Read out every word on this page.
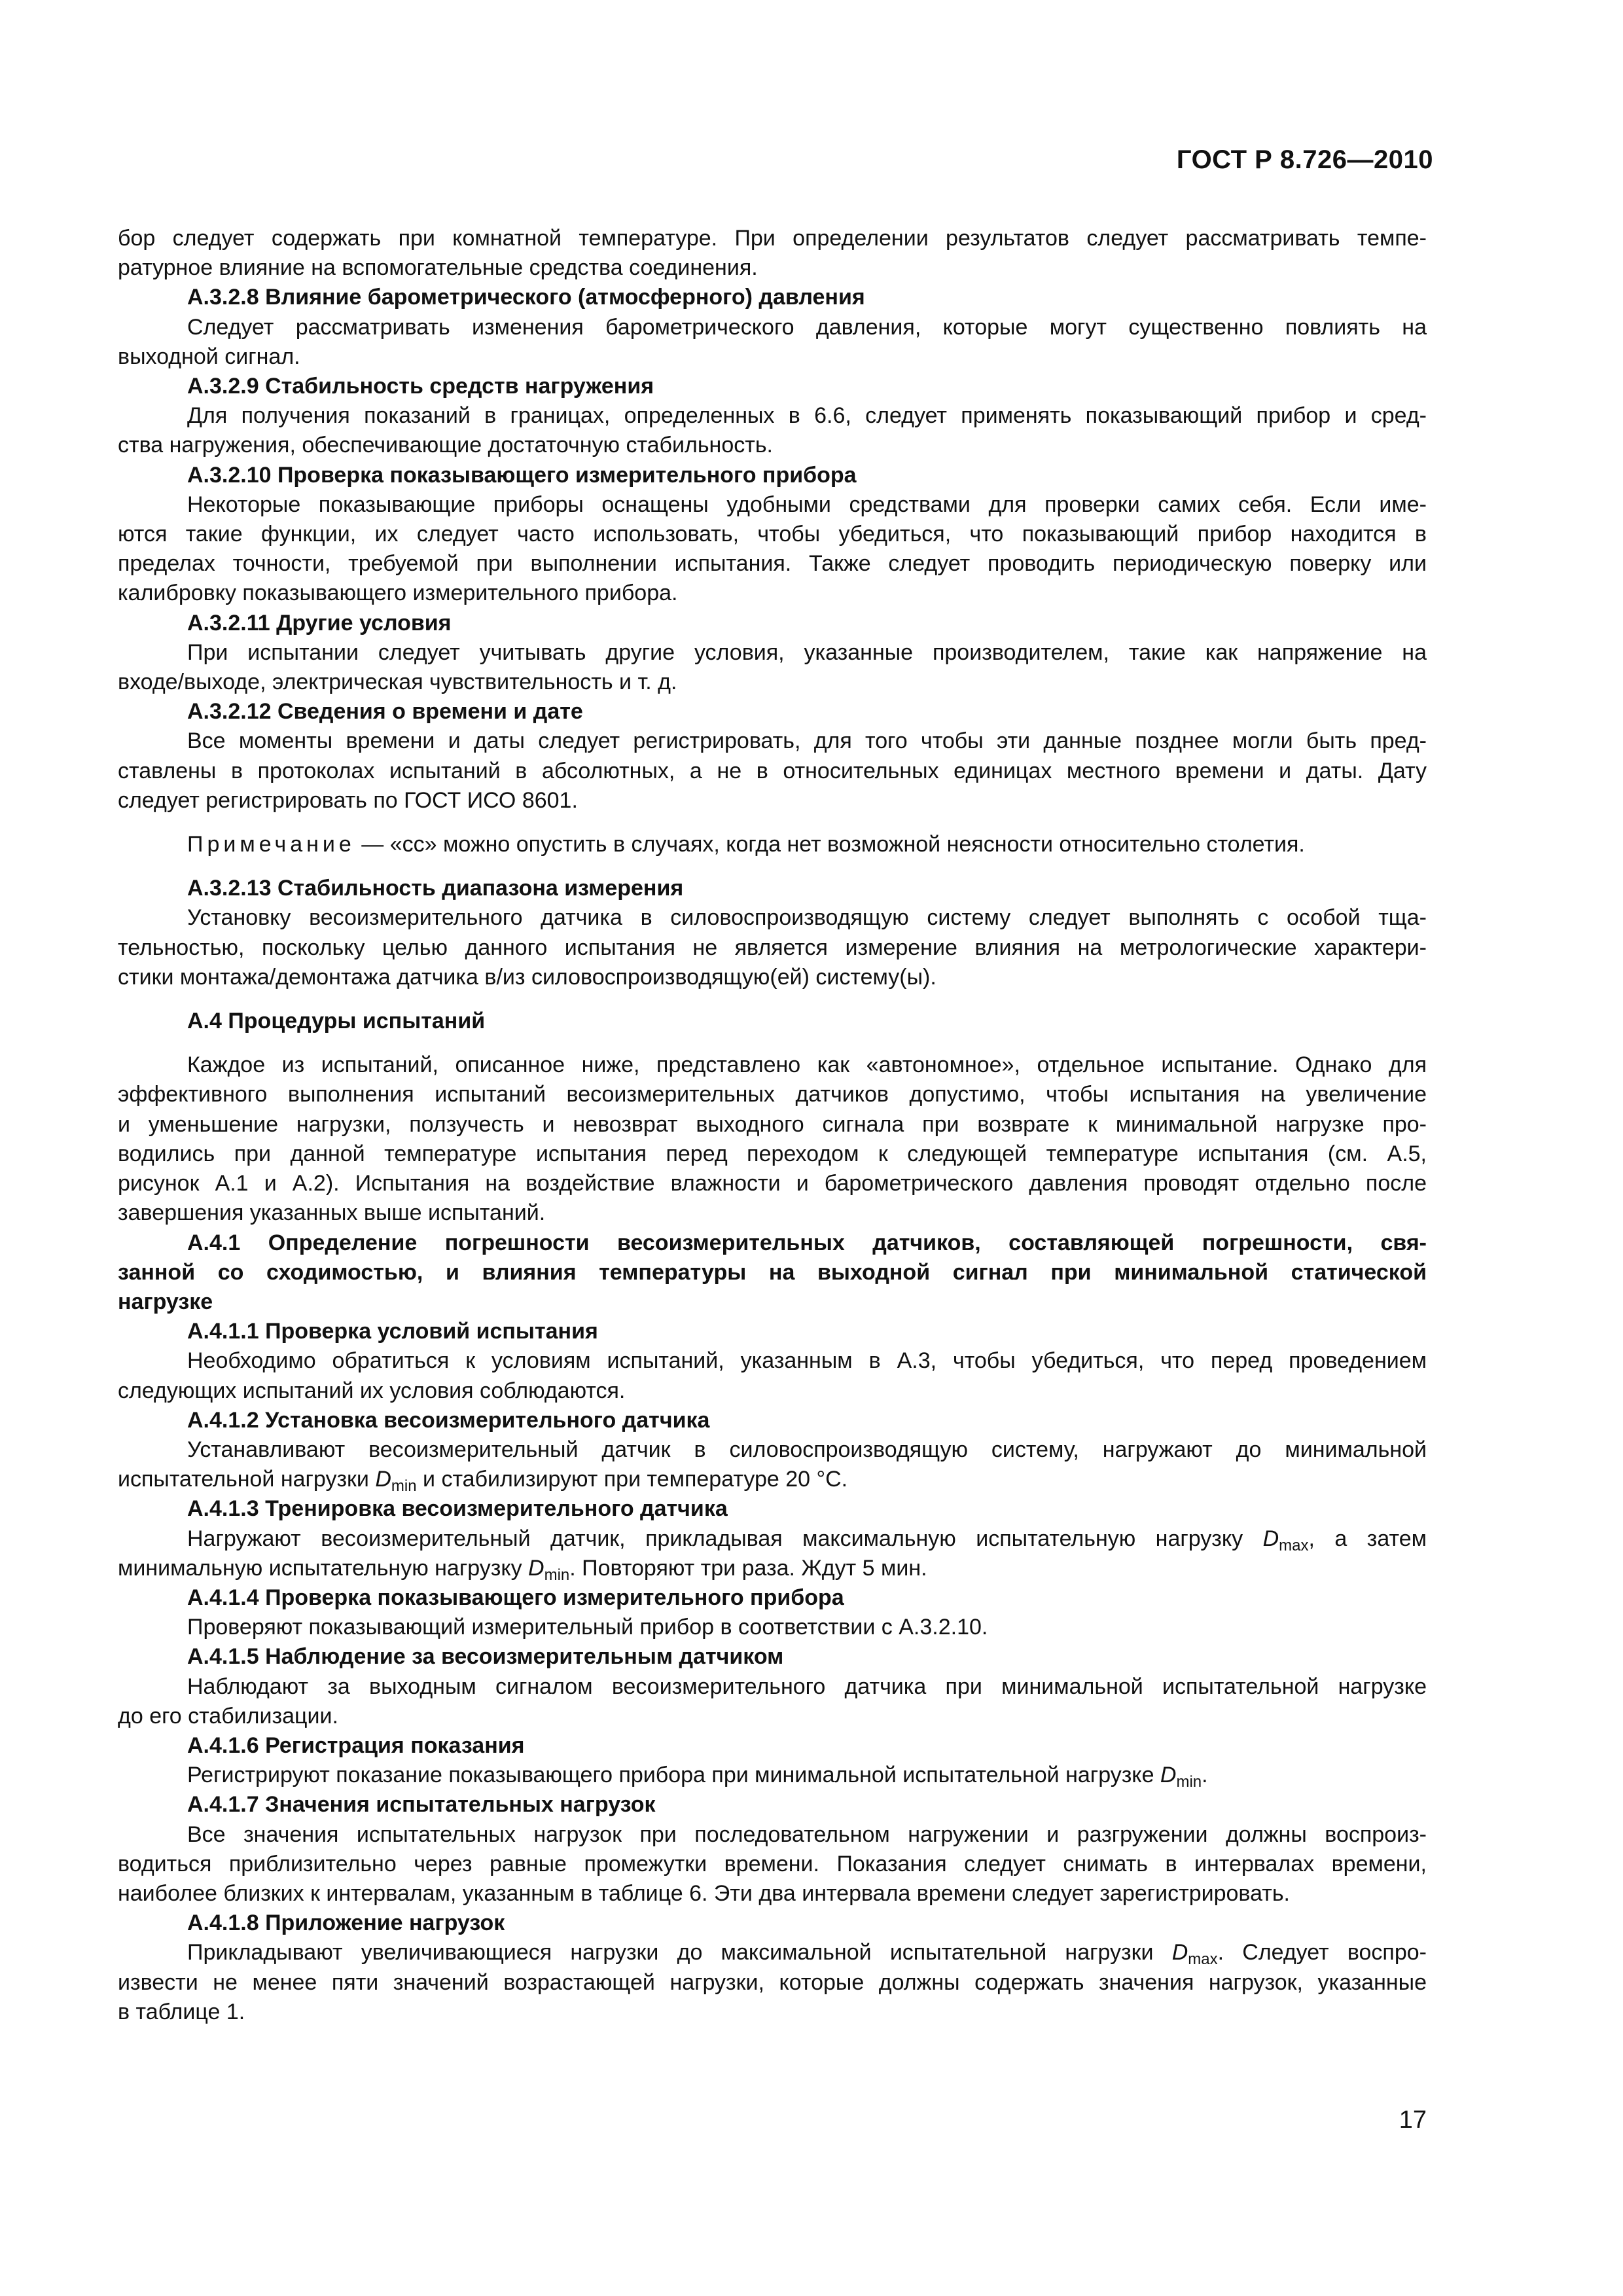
ГОСТ Р 8.726—2010
бор следует содержать при комнатной температуре. При определении результатов следует рассматривать темпе-
ратурное влияние на вспомогательные средства соединения.
А.3.2.8 Влияние барометрического (атмосферного) давления
Следует рассматривать изменения барометрического давления, которые могут существенно повлиять на
выходной сигнал.
А.3.2.9 Стабильность средств нагружения
Для получения показаний в границах, определенных в 6.6, следует применять показывающий прибор и сред-
ства нагружения, обеспечивающие достаточную стабильность.
А.3.2.10 Проверка показывающего измерительного прибора
Некоторые показывающие приборы оснащены удобными средствами для проверки самих себя. Если име-
ются такие функции, их следует часто использовать, чтобы убедиться, что показывающий прибор находится в
пределах точности, требуемой при выполнении испытания. Также следует проводить периодическую поверку или
калибровку показывающего измерительного прибора.
А.3.2.11 Другие условия
При испытании следует учитывать другие условия, указанные производителем, такие как напряжение на
входе/выходе, электрическая чувствительность и т. д.
А.3.2.12 Сведения о времени и дате
Все моменты времени и даты следует регистрировать, для того чтобы эти данные позднее могли быть пред-
ставлены в протоколах испытаний в абсолютных, а не в относительных единицах местного времени и даты. Дату
следует регистрировать по ГОСТ ИСО 8601.
Примечание — «сс» можно опустить в случаях, когда нет возможной неясности относительно столетия.
А.3.2.13 Стабильность диапазона измерения
Установку весоизмерительного датчика в силовоспроизводящую систему следует выполнять с особой тща-
тельностью, поскольку целью данного испытания не является измерение влияния на метрологические характери-
стики монтажа/демонтажа датчика в/из силовоспроизводящую(ей) систему(ы).
А.4 Процедуры испытаний
Каждое из испытаний, описанное ниже, представлено как «автономное», отдельное испытание. Однако для
эффективного выполнения испытаний весоизмерительных датчиков допустимо, чтобы испытания на увеличение
и уменьшение нагрузки, ползучесть и невозврат выходного сигнала при возврате к минимальной нагрузке про-
водились при данной температуре испытания перед переходом к следующей температуре испытания (см. А.5,
рисунок А.1 и А.2). Испытания на воздействие влажности и барометрического давления проводят отдельно после
завершения указанных выше испытаний.
А.4.1 Определение погрешности весоизмерительных датчиков, составляющей погрешности, свя-
занной со сходимостью, и влияния температуры на выходной сигнал при минимальной статической
нагрузке
А.4.1.1 Проверка условий испытания
Необходимо обратиться к условиям испытаний, указанным в А.3, чтобы убедиться, что перед проведением
следующих испытаний их условия соблюдаются.
А.4.1.2 Установка весоизмерительного датчика
Устанавливают весоизмерительный датчик в силовоспроизводящую систему, нагружают до минимальной
испытательной нагрузки $D_{min}$ и стабилизируют при температуре 20 °С.
А.4.1.3 Тренировка весоизмерительного датчика
Нагружают весоизмерительный датчик, прикладывая максимальную испытательную нагрузку $D_{max}$, а затем
минимальную испытательную нагрузку $D_{min}$. Повторяют три раза. Ждут 5 мин.
А.4.1.4 Проверка показывающего измерительного прибора
Проверяют показывающий измерительный прибор в соответствии с А.3.2.10.
А.4.1.5 Наблюдение за весоизмерительным датчиком
Наблюдают за выходным сигналом весоизмерительного датчика при минимальной испытательной нагрузке
до его стабилизации.
А.4.1.6 Регистрация показания
Регистрируют показание показывающего прибора при минимальной испытательной нагрузке $D_{min}$.
А.4.1.7 Значения испытательных нагрузок
Все значения испытательных нагрузок при последовательном нагружении и разгружении должны воспроиз-
водиться приблизительно через равные промежутки времени. Показания следует снимать в интервалах времени,
наиболее близких к интервалам, указанным в таблице 6. Эти два интервала времени следует зарегистрировать.
А.4.1.8 Приложение нагрузок
Прикладывают увеличивающиеся нагрузки до максимальной испытательной нагрузки $D_{max}$. Следует воспро-
извести не менее пяти значений возрастающей нагрузки, которые должны содержать значения нагрузок, указанные
в таблице 1.
17
